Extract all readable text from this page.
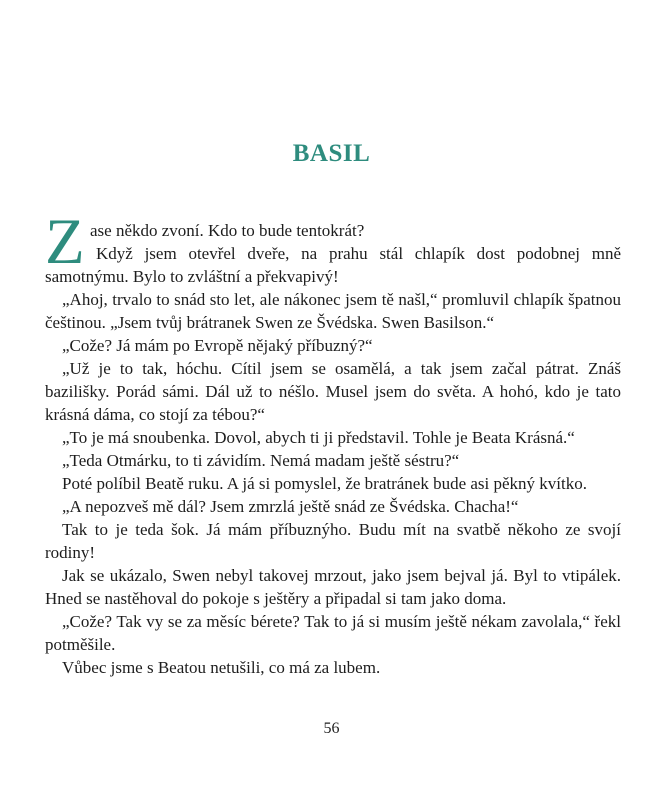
BASIL
Z ase někdo zvoní. Kdo to bude tentokrát?

Když jsem otevřel dveře, na prahu stál chlapík dost podobnej mně samotnýmu. Bylo to zvláštní a překvapivý!

„Ahoj, trvalo to snád sto let, ale nákonec jsem tě našl,“ promluvil chlapík špatnou češtinou. „Jsem tvůj brátranek Swen ze Švédska. Swen Basilson.“

„Cože? Já mám po Evropě nějaký příbuzný?“

„Už je to tak, hóchu. Cítil jsem se osamělá, a tak jsem začal pátrat. Znáš bazilišky. Porád sámi. Dál už to néšlo. Musel jsem do světa. A hohó, kdo je tato krásná dáma, co stojí za tébou?“

„To je má snoubenka. Dovol, abych ti ji představil. Tohle je Beata Krásná.“

„Teda Otmárku, to ti závidím. Nemá madam ještě séstru?“

Poté políbil Beatě ruku. A já si pomyslel, že bratránek bude asi pěkný kvítko.

„A nepozveš mě dál? Jsem zmrzlá ještě snád ze Švédska. Chacha!“

Tak to je teda šok. Já mám příbuznýho. Budu mít na svatbě někoho ze svojí rodiny!

Jak se ukázalo, Swen nebyl takovej mrzout, jako jsem bejval já. Byl to vtipálek. Hned se nastěhoval do pokoje s ještěry a připadal si tam jako doma.

„Cože? Tak vy se za měsíc bérete? Tak to já si musím ještě nékam zavolala,“ řekl potměšile.

Vůbec jsme s Beatou netušili, co má za lubem.

56
